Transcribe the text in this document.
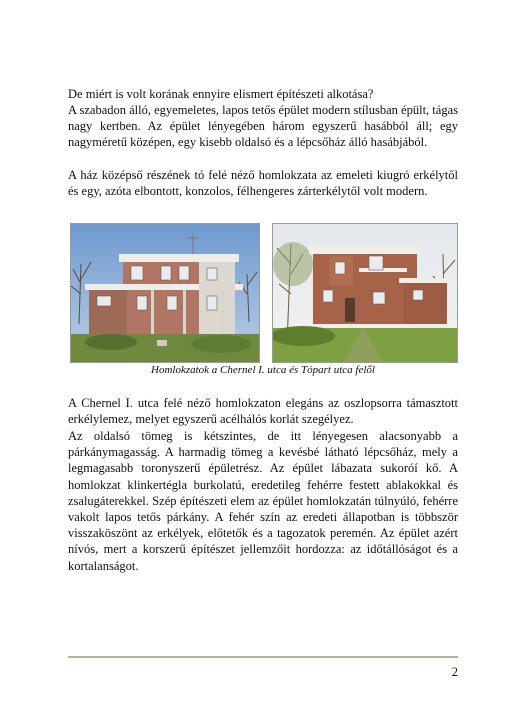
De miért is volt korának ennyire elismert építészeti alkotása?

A szabadon álló, egyemeletes, lapos tetős épület modern stílusban épült, tágas nagy kertben. Az épület lényegében három egyszerű hasábból áll; egy nagyméretű középen, egy kisebb oldalsó és a lépcsőház álló hasábjából.

A ház középső részének tó felé néző homlokzata az emeleti kiugró erkélytől és egy, azóta elbontott, konzolos, félhengeres zárterkélytől volt modern.

Homlokzatok a Chernel I. utca és Tópart utca felől

A Chernel I. utca felé néző homlokzaton elegáns az oszlopsorra támasztott erkélylemez, melyet egyszerű acélhálós korlát szegélyez.

Az oldalsó tömeg is kétszintes, de itt lényegesen alacsonyabb a párkánymagasság. A harmadig tömeg a kevésbé látható lépcsőház, mely a legmagasabb toronyszerű épületrész. Az épület lábazata sukoróí kő. A homlokzat klinkertégla burkolatú, eredetileg fehérre festett ablakokkal és zsalugáterekkel. Szép építészeti elem az épület homlokzatán túlnyúló, fehérre vakolt lapos tetős párkány. A fehér szín az eredeti állapotban is többször visszaköszönt az erkélyek, előtetők és a tagozatok peremén. Az épület azért nívós, mert a korszerű építészet jellemzőit hordozza: az időtállóságot és a kortalanságot.

2
